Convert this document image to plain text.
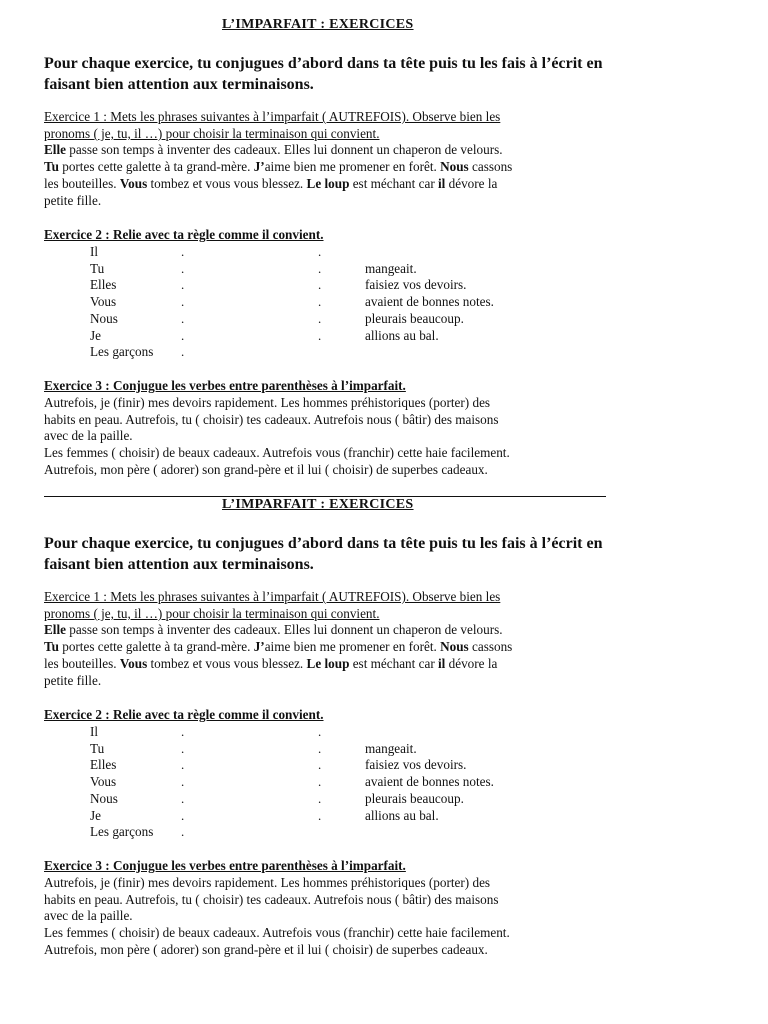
L’IMPARFAIT : EXERCICES
Pour chaque exercice, tu conjugues d’abord dans ta tête puis tu les fais à l’écrit en faisant bien attention aux terminaisons.
Exercice 1 : Mets les phrases suivantes à l’imparfait ( AUTREFOIS). Observe bien les
pronoms ( je, tu, il …) pour choisir la terminaison qui convient.
Elle passe son temps à inventer des cadeaux. Elles lui donnent un chaperon de velours.
Tu portes cette galette à ta grand-mère. J’aime bien me promener en forêt. Nous cassons
les bouteilles. Vous tombez et vous vous blessez. Le loup est méchant car il dévore la
petite fille.
Exercice 2 : Relie avec ta règle comme il convient.
Il	.	.
Tu	.	.	mangeait.
Elles	.	.	faisiez vos devoirs.
Vous	.	.	avaient de bonnes notes.
Nous	.	.	pleurais beaucoup.
Je	.	.	allions au bal.
Les garçons .
Exercice 3 : Conjugue les verbes entre parenthèses à l’imparfait.
Autrefois, je (finir) mes devoirs rapidement. Les hommes préhistoriques (porter) des
habits en peau. Autrefois, tu ( choisir) tes cadeaux. Autrefois nous ( bâtir) des maisons
avec de la paille.
Les femmes ( choisir) de beaux cadeaux. Autrefois vous (franchir) cette haie facilement.
Autrefois, mon père ( adorer) son grand-père et il lui ( choisir) de superbes cadeaux.
L’IMPARFAIT : EXERCICES
Pour chaque exercice, tu conjugues d’abord dans ta tête puis tu les fais à l’écrit en faisant bien attention aux terminaisons.
Exercice 1 : Mets les phrases suivantes à l’imparfait ( AUTREFOIS). Observe bien les
pronoms ( je, tu, il …) pour choisir la terminaison qui convient.
Elle passe son temps à inventer des cadeaux. Elles lui donnent un chaperon de velours.
Tu portes cette galette à ta grand-mère. J’aime bien me promener en forêt. Nous cassons
les bouteilles. Vous tombez et vous vous blessez. Le loup est méchant car il dévore la
petite fille.
Exercice 2 : Relie avec ta règle comme il convient.
Il	.	.
Tu	.	.	mangeait.
Elles	.	.	faisiez vos devoirs.
Vous	.	.	avaient de bonnes notes.
Nous	.	.	pleurais beaucoup.
Je	.	.	allions au bal.
Les garçons .
Exercice 3 : Conjugue les verbes entre parenthèses à l’imparfait.
Autrefois, je (finir) mes devoirs rapidement. Les hommes préhistoriques (porter) des
habits en peau. Autrefois, tu ( choisir) tes cadeaux. Autrefois nous ( bâtir) des maisons
avec de la paille.
Les femmes ( choisir) de beaux cadeaux. Autrefois vous (franchir) cette haie facilement.
Autrefois, mon père ( adorer) son grand-père et il lui ( choisir) de superbes cadeaux.
